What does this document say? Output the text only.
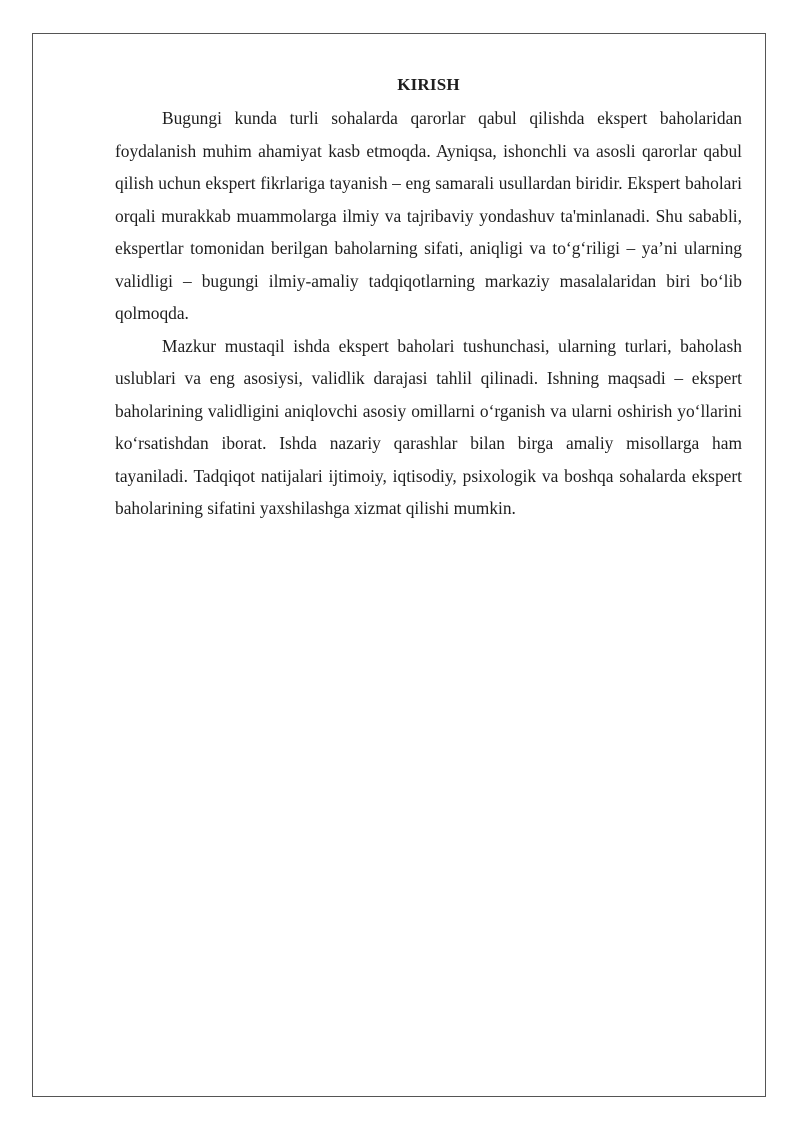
KIRISH

Bugungi kunda turli sohalarda qarorlar qabul qilishda ekspert baholaridan foydalanish muhim ahamiyat kasb etmoqda. Ayniqsa, ishonchli va asosli qarorlar qabul qilish uchun ekspert fikrlariga tayanish – eng samarali usullardan biridir. Ekspert baholari orqali murakkab muammolarga ilmiy va tajribaviy yondashuv ta'minlanadi. Shu sababli, ekspertlar tomonidan berilgan baholarning sifati, aniqligi va to‘g‘riligi – ya’ni ularning validligi – bugungi ilmiy-amaliy tadqiqotlarning markaziy masalalaridan biri bo‘lib qolmoqda.

Mazkur mustaqil ishda ekspert baholari tushunchasi, ularning turlari, baholash uslublari va eng asosiysi, validlik darajasi tahlil qilinadi. Ishning maqsadi – ekspert baholarining validligini aniqlovchi asosiy omillarni o‘rganish va ularni oshirish yo‘llarini ko‘rsatishdan iborat. Ishda nazariy qarashlar bilan birga amaliy misollarga ham tayaniladi. Tadqiqot natijalari ijtimoiy, iqtisodiy, psixologik va boshqa sohalarda ekspert baholarining sifatini yaxshilashga xizmat qilishi mumkin.
